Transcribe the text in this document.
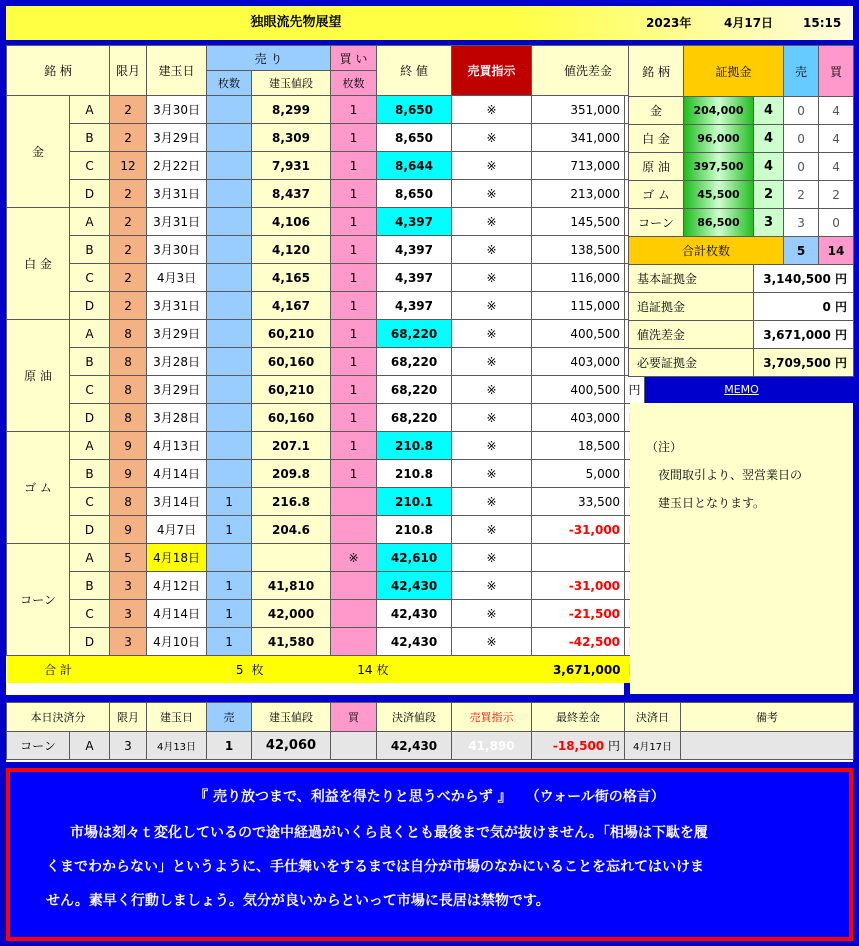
独眼流先物展望	2023年	4月17日 15:15
銘 柄		限月	建玉日	売 り		買 い	終 値	売買指示	値洗差金	
				枚数	建玉値段	枚数				
金	A	2	3月30日		8,299	1	8,650	※	351,000	
	B	2	3月29日		8,309	1	8,650	※	341,000	
	C	12	2月22日		7,931	1	8,644	※	713,000	
	D	2	3月31日		8,437	1	8,650	※	213,000	
白 金	A	2	3月31日		4,106	1	4,397	※	145,500	
	B	2	3月30日		4,120	1	4,397	※	138,500	
	C	2	4月3日		4,165	1	4,397	※	116,000	
	D	2	3月31日		4,167	1	4,397	※	115,000	
原 油	A	8	3月29日		60,210	1	68,220	※	400,500	
	B	8	3月28日		60,160	1	68,220	※	403,000	
	C	8	3月29日		60,210	1	68,220	※	400,500	円
	D	8	3月28日		60,160	1	68,220	※	403,000	
ゴ ム	A	9	4月13日		207.1	1	210.8	※	18,500	
	B	9	4月14日		209.8	1	210.8	※	5,000	
	C	8	3月14日	1	216.8		210.1	※	33,500	
	D	9	4月7日	1	204.6		210.8	※	-31,000	
コーン	A	5	4月18日			※	42,610	※		
	B	3	4月12日	1	41,810		42,430	※	-31,000	
	C	3	4月14日	1	42,000		42,430	※	-21,500	
	D	3	4月10日	1	41,580		42,430	※	-42,500	
合 計		5			枚	14	枚		3,671,000	
銘 柄	証拠金		売	買
金	204,000	4	0	4
白 金	96,000	4	0	4
原 油	397,500	4	0	4
ゴ ム	45,500	2	2	2
コーン	86,500	3	3	0
合計枚数			5	14
基本証拠金		3,140,500 円		
追証拠金		0 円		
値洗差金		3,671,000 円		
必要証拠金		3,709,500 円		
MEMO
（注）
　夜間取引より、翌営業日の
　建玉日となります。
本日決済分		限月	建玉日	売	建玉値段	買	決済値段	売買指示	最終差金	決済日	備考
コーン	A	3	4月13日	1	42,060		42,430	41,890	-18,500 円	4月17日	
『 売り放つまで、利益を得たりと思うべからず 』　　（ウォール街の格言）
市場は刻々ｔ変化しているので途中経過がいくら良くとも最後まで気が抜けません。「相場は下駄を履
くまでわからない」というように、手仕舞いをするまでは自分が市場のなかにいることを忘れてはいけま
せん。素早く行動しましょう。気分が良いからといって市場に長居は禁物です。
